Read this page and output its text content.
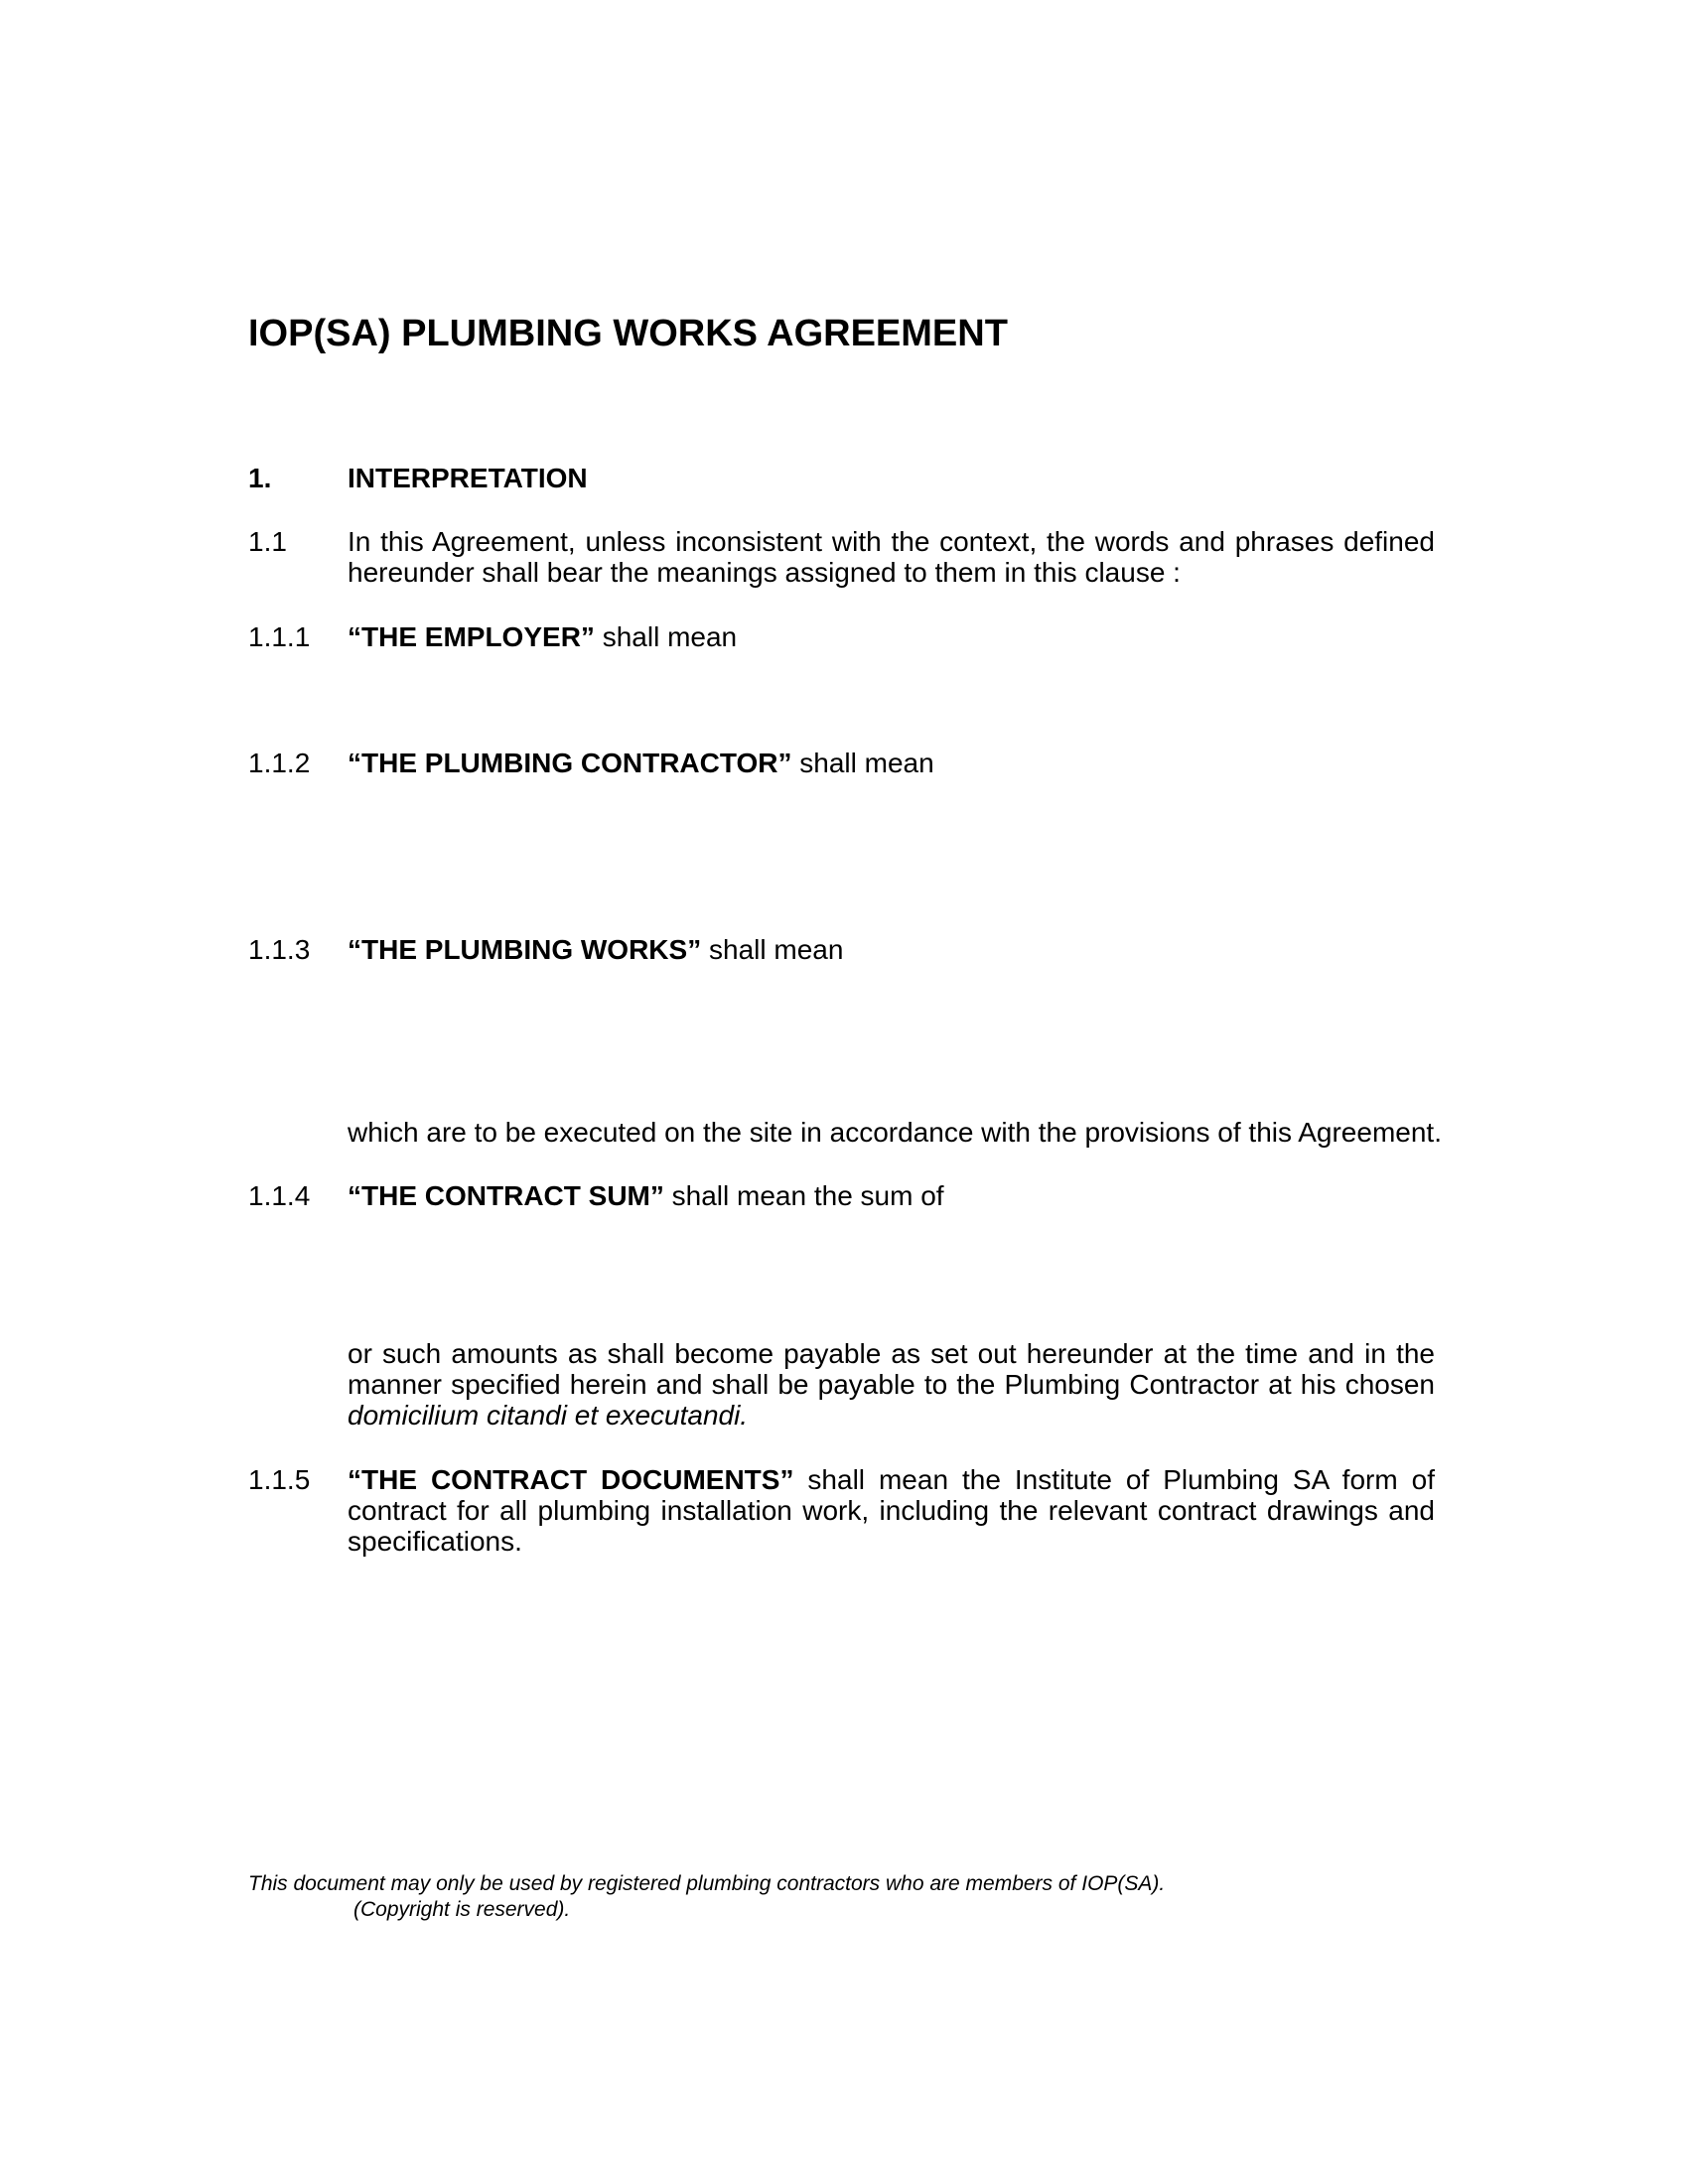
IOP(SA) PLUMBING WORKS AGREEMENT
1.	INTERPRETATION
1.1 In this Agreement, unless inconsistent with the context, the words and phrases defined hereunder shall bear the meanings assigned to them in this clause :
1.1.1 “THE EMPLOYER” shall mean
1.1.2 “THE PLUMBING CONTRACTOR” shall mean
1.1.3 “THE PLUMBING WORKS” shall mean
which are to be executed on the site in accordance with the provisions of this Agreement.
1.1.4 “THE CONTRACT SUM” shall mean the sum of
or such amounts as shall become payable as set out hereunder at the time and in the manner specified herein and shall be payable to the Plumbing Contractor at his chosen domicilium citandi et executandi.
1.1.5 “THE CONTRACT DOCUMENTS” shall mean the Institute of Plumbing SA form of contract for all plumbing installation work, including the relevant contract drawings and specifications.
This document may only be used by registered plumbing contractors who are members of IOP(SA).
(Copyright is reserved).
